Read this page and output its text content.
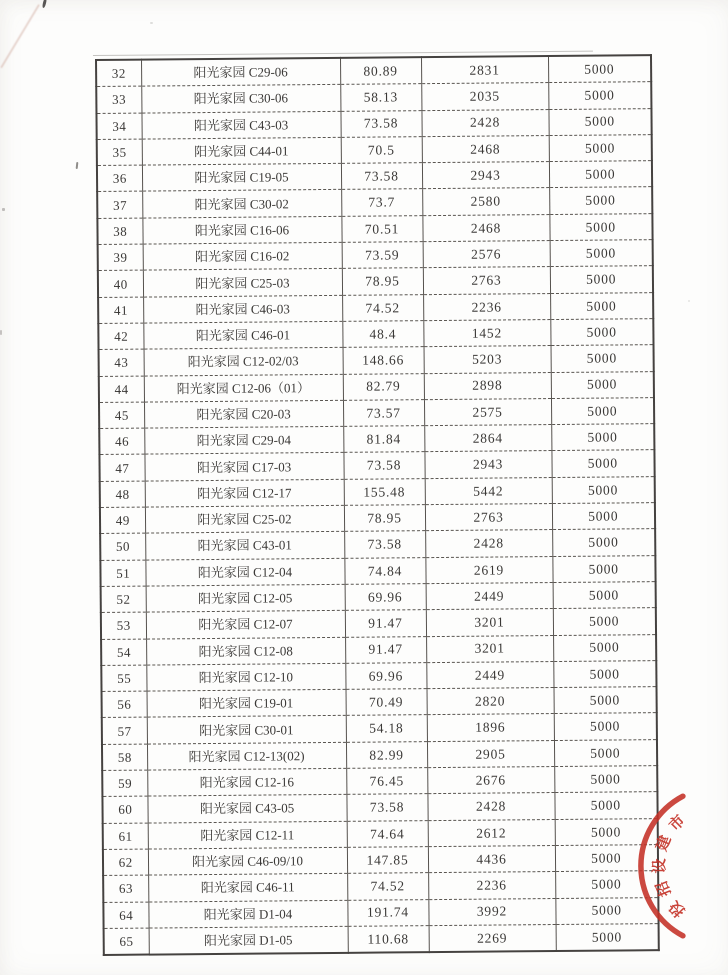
32	阳光家园 C29-06	80.89	2831	5000
33	阳光家园 C30-06	58.13	2035	5000
34	阳光家园 C43-03	73.58	2428	5000
35	阳光家园 C44-01	70.5	2468	5000
36	阳光家园 C19-05	73.58	2943	5000
37	阳光家园 C30-02	73.7	2580	5000
38	阳光家园 C16-06	70.51	2468	5000
39	阳光家园 C16-02	73.59	2576	5000
40	阳光家园 C25-03	78.95	2763	5000
41	阳光家园 C46-03	74.52	2236	5000
42	阳光家园 C46-01	48.4	1452	5000
43	阳光家园 C12-02/03	148.66	5203	5000
44	阳光家园 C12-06（01）	82.79	2898	5000
45	阳光家园 C20-03	73.57	2575	5000
46	阳光家园 C29-04	81.84	2864	5000
47	阳光家园 C17-03	73.58	2943	5000
48	阳光家园 C12-17	155.48	5442	5000
49	阳光家园 C25-02	78.95	2763	5000
50	阳光家园 C43-01	73.58	2428	5000
51	阳光家园 C12-04	74.84	2619	5000
52	阳光家园 C12-05	69.96	2449	5000
53	阳光家园 C12-07	91.47	3201	5000
54	阳光家园 C12-08	91.47	3201	5000
55	阳光家园 C12-10	69.96	2449	5000
56	阳光家园 C19-01	70.49	2820	5000
57	阳光家园 C30-01	54.18	1896	5000
58	阳光家园 C12-13(02)	82.99	2905	5000
59	阳光家园 C12-16	76.45	2676	5000
60	阳光家园 C43-05	73.58	2428	5000
61	阳光家园 C12-11	74.64	2612	5000
62	阳光家园 C46-09/10	147.85	4436	5000
63	阳光家园 C46-11	74.52	2236	5000
64	阳光家园 D1-04	191.74	3992	5000
65	阳光家园 D1-05	110.68	2269	5000
市
建
设
招
投
